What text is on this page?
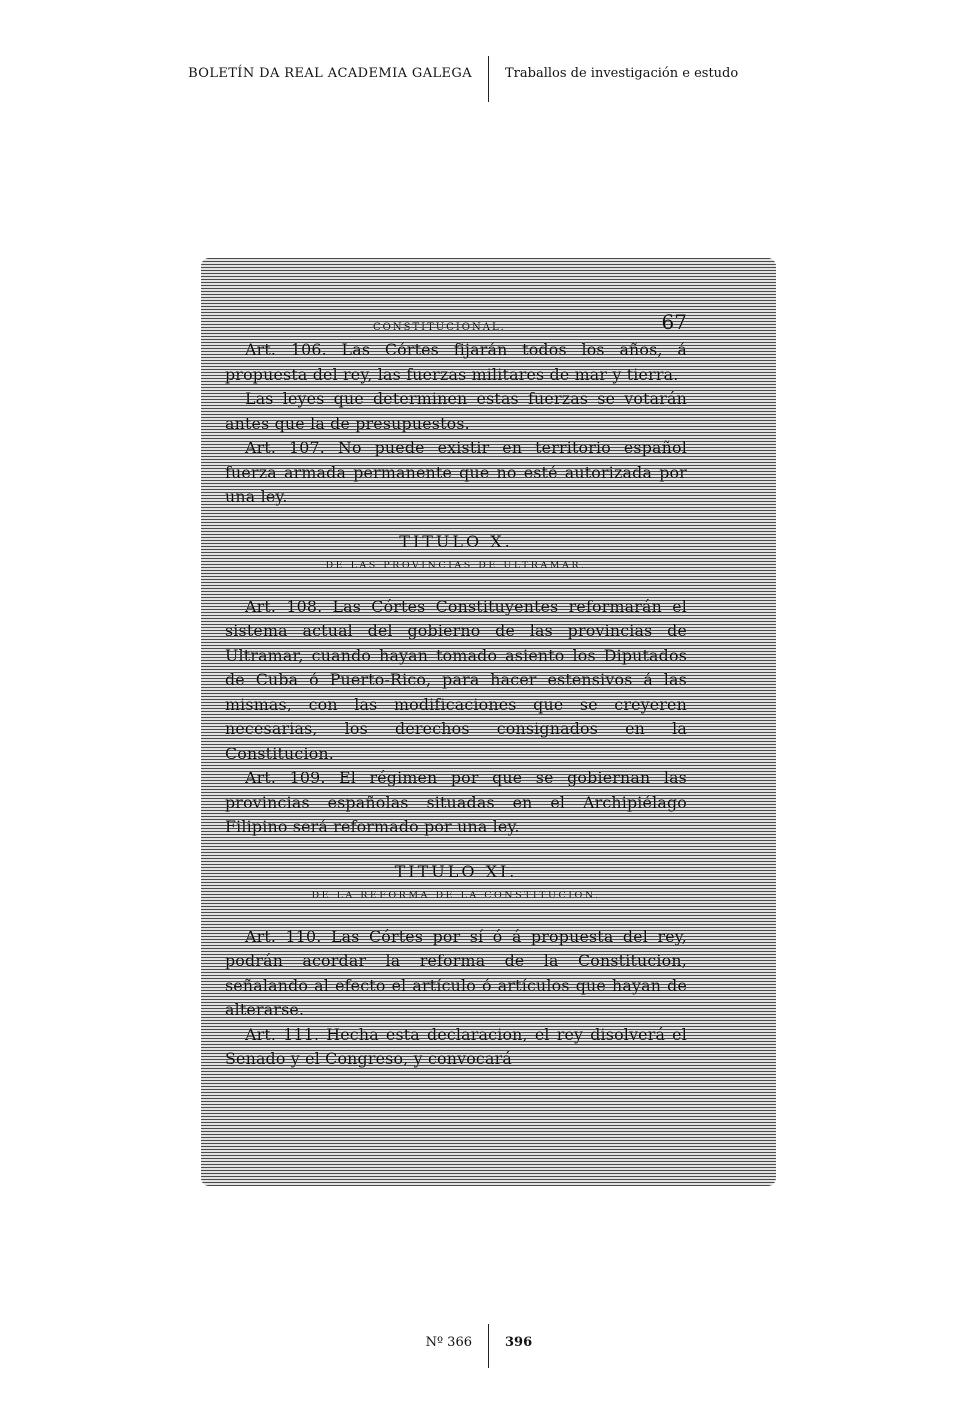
BOLETÍN DA REAL ACADEMIA GALEGA	Traballos de investigación e estudo
CONSTITUCIONAL.	67

Art. 106. Las Córtes fijarán todos los años, á propuesta del rey, las fuerzas militares de mar y tierra.

Las leyes que determinen estas fuerzas se votarán antes que la de presupuestos.

Art. 107. No puede existir en territorio español fuerza armada permanente que no esté autorizada por una ley.

TITULO X.
DE LAS PROVINCIAS DE ULTRAMAR.

Art. 108. Las Córtes Constituyentes reformarán el sistema actual del gobierno de las provincias de Ultramar, cuando hayan tomado asiento los Diputados de Cuba ó Puerto-Rico, para hacer estensivos á las mismas, con las modificaciones que se creyeren necesarias, los derechos consignados en la Constitucion.

Art. 109. El régimen por que se gobiernan las provincias españolas situadas en el Archipiélago Filipino será reformado por una ley.

TITULO XI.
DE LA REFORMA DE LA CONSTITUCION.

Art. 110. Las Córtes por sí ó á propuesta del rey, podrán acordar la reforma de la Constitucion, señalando al efecto el artículo ó artículos que hayan de alterarse.

Art. 111. Hecha esta declaracion, el rey disolverá el Senado y el Congreso, y convocará

Nº 366	396
